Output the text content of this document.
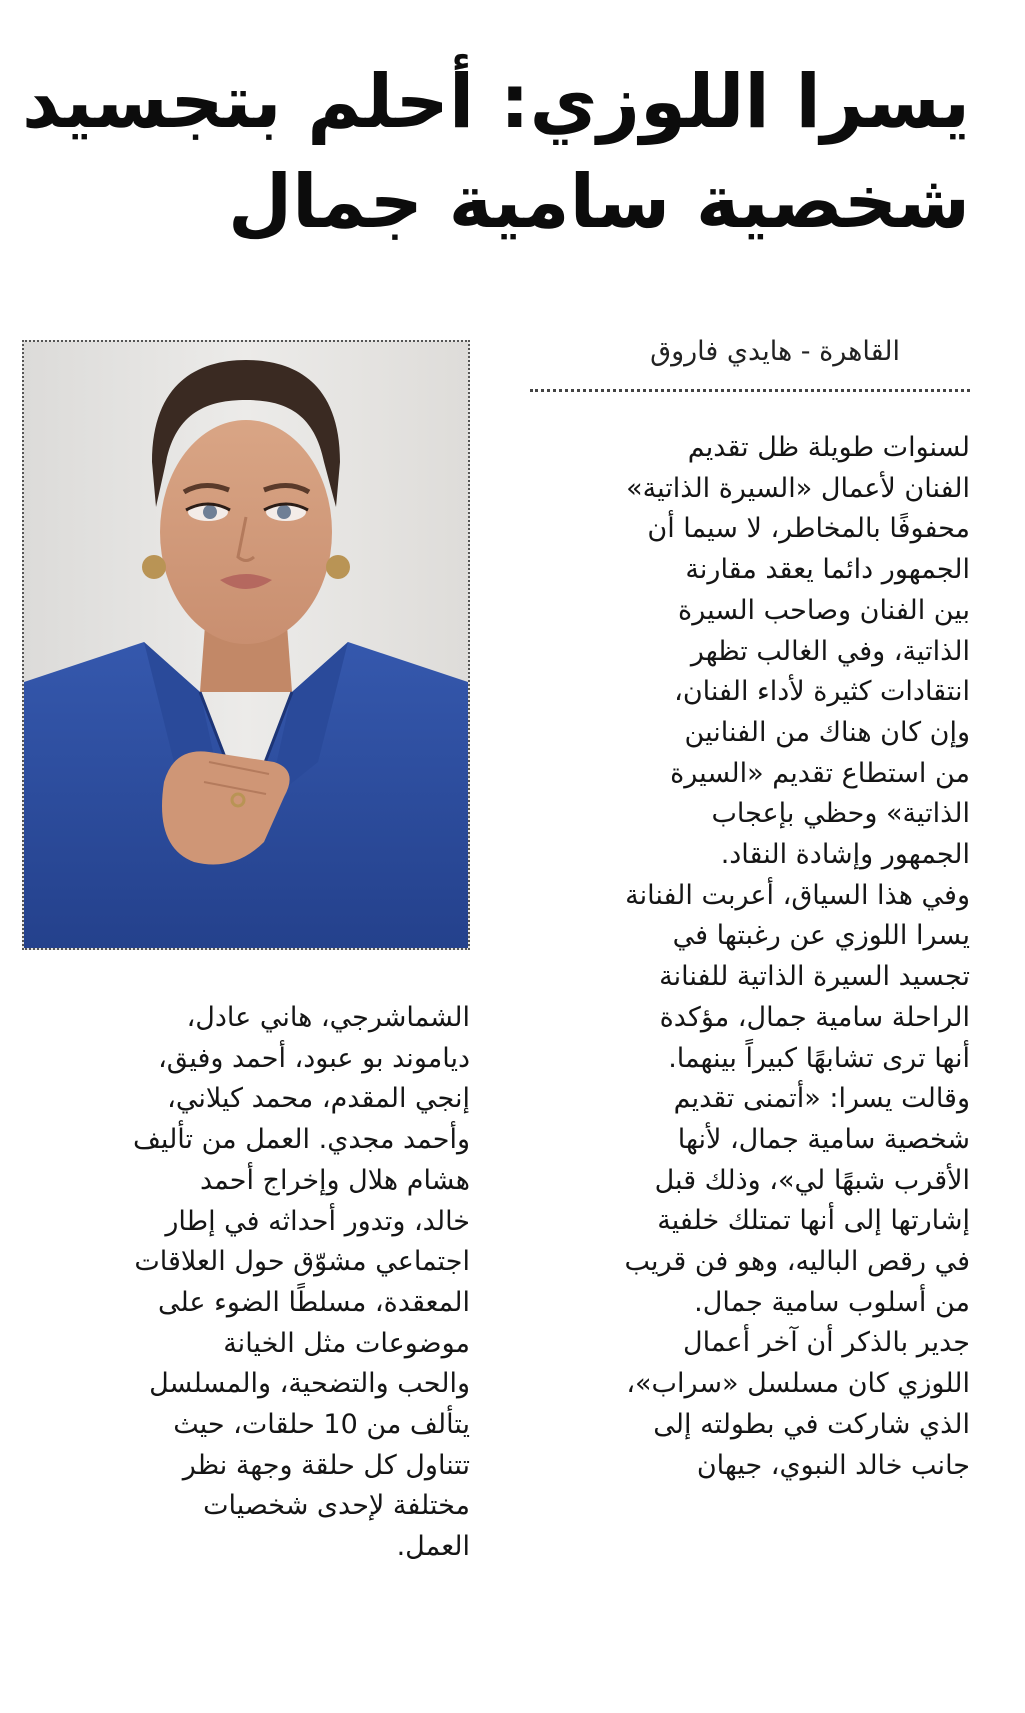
يسرا اللوزي: أحلم بتجسيد
شخصية سامية جمال
القاهرة - هايدي فاروق

لسنوات طويلة ظل تقديم

الفنان لأعمال «السيرة الذاتية»

محفوفًا بالمخاطر، لا سيما أن

الجمهور دائما يعقد مقارنة

بين الفنان وصاحب السيرة

الذاتية، وفي الغالب تظهر

انتقادات كثيرة لأداء الفنان،

وإن كان هناك من الفنانين

من استطاع تقديم «السيرة

الذاتية» وحظي بإعجاب

الجمهور وإشادة النقاد.

وفي هذا السياق، أعربت الفنانة

يسرا اللوزي عن رغبتها في

تجسيد السيرة الذاتية للفنانة

الراحلة سامية جمال، مؤكدة

أنها ترى تشابهًا كبيراً بينهما.

وقالت يسرا: «أتمنى تقديم

شخصية سامية جمال، لأنها

الأقرب شبهًا لي»، وذلك قبل

إشارتها إلى أنها تمتلك خلفية

في رقص الباليه، وهو فن قريب

من أسلوب سامية جمال.

جدير بالذكر أن آخر أعمال

اللوزي كان مسلسل «سراب»،

الذي شاركت في بطولته إلى

جانب خالد النبوي، جيهان

الشماشرجي، هاني عادل،

دياموند بو عبود، أحمد وفيق،

إنجي المقدم، محمد كيلاني،

وأحمد مجدي. العمل من تأليف

هشام هلال وإخراج أحمد

خالد، وتدور أحداثه في إطار

اجتماعي مشوّق حول العلاقات

المعقدة، مسلطًا الضوء على

موضوعات مثل الخيانة

والحب والتضحية، والمسلسل

يتألف من 10 حلقات، حيث

تتناول كل حلقة وجهة نظر

مختلفة لإحدى شخصيات

العمل.
